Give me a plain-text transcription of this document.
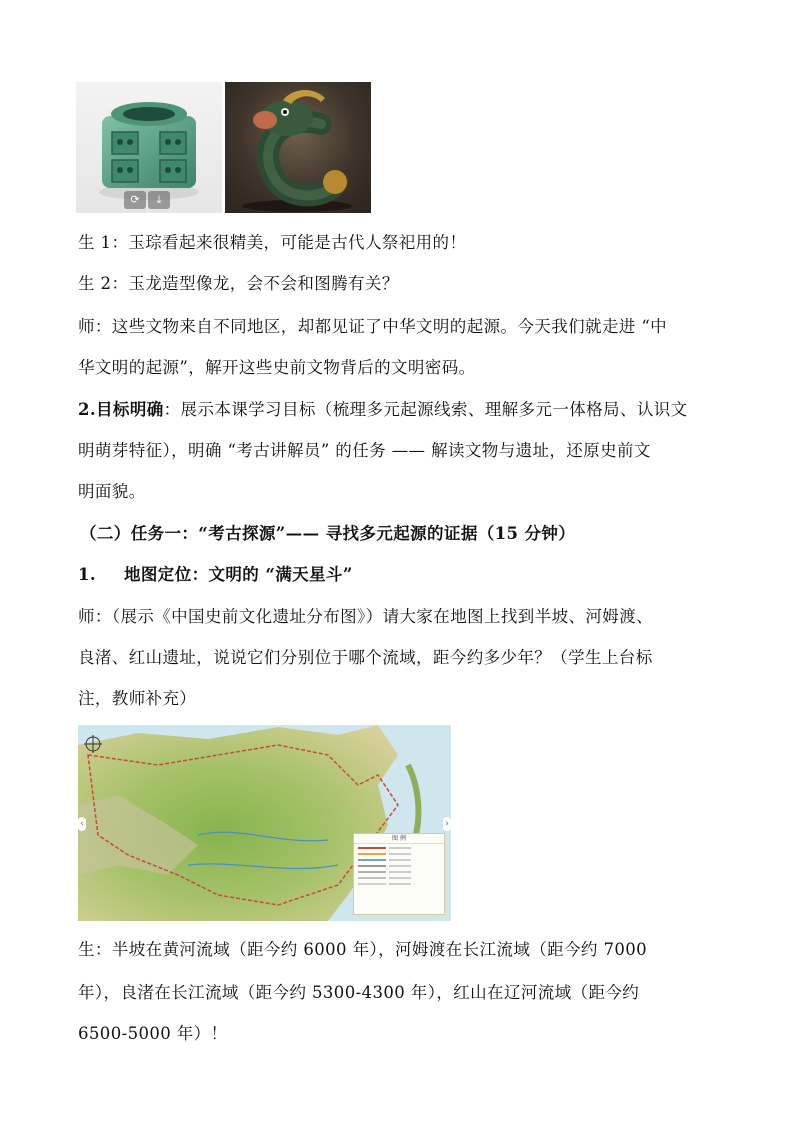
⟳	⤓

生 1：玉琮看起来很精美，可能是古代人祭祀用的！

生 2：玉龙造型像龙，会不会和图腾有关？

师：这些文物来自不同地区，却都见证了中华文明的起源。今天我们就走进 “中

华文明的起源”，解开这些史前文物背后的文明密码。

2.目标明确：展示本课学习目标（梳理多元起源线索、理解多元一体格局、认识文

明萌芽特征），明确 “考古讲解员” 的任务 —— 解读文物与遗址，还原史前文

明面貌。

（二）任务一：“考古探源”—— 寻找多元起源的证据（15 分钟）

1. 地图定位：文明的 “满天星斗”

师：（展示《中国史前文化遗址分布图》）请大家在地图上找到半坡、河姆渡、

良渚、红山遗址，说说它们分别位于哪个流域，距今约多少年？（学生上台标

注，教师补充）

‹	›
图 例

生：半坡在黄河流域（距今约 6000 年），河姆渡在长江流域（距今约 7000

年），良渚在长江流域（距今约 5300-4300 年），红山在辽河流域（距今约

6500-5000 年）！
